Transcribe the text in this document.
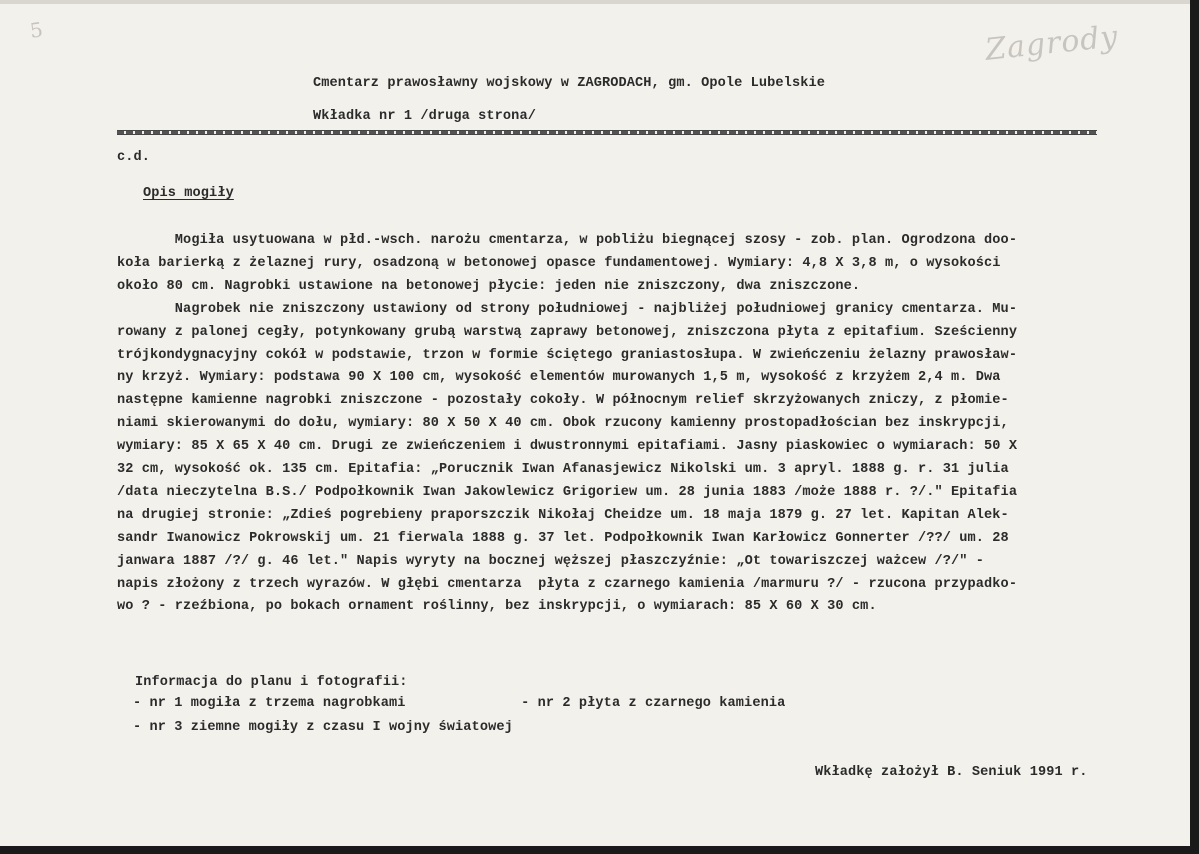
5	Zagrody
Cmentarz prawosławny wojskowy w ZAGRODACH, gm. Opole Lubelskie
Wkładka nr 1 /druga strona/
c.d.
Opis mogiły
Mogiła usytuowana w płd.-wsch. narożu cmentarza, w pobliżu biegnącej szosy - zob. plan. Ogrodzona doo-
koła barierką z żelaznej rury, osadzoną w betonowej opasce fundamentowej. Wymiary: 4,8 X 3,8 m, o wysokości
około 80 cm. Nagrobki ustawione na betonowej płycie: jeden nie zniszczony, dwa zniszczone.
Nagrobek nie zniszczony ustawiony od strony południowej - najbliżej południowej granicy cmentarza. Mu-
rowany z palonej cegły, potynkowany grubą warstwą zaprawy betonowej, zniszczona płyta z epitafium. Sześcienny
trójkondygnacyjny cokół w podstawie, trzon w formie ściętego graniastosłupa. W zwieńczeniu żelazny prawosław-
ny krzyż. Wymiary: podstawa 90 X 100 cm, wysokość elementów murowanych 1,5 m, wysokość z krzyżem 2,4 m. Dwa
następne kamienne nagrobki zniszczone - pozostały cokoły. W północnym relief skrzyżowanych zniczy, z płomie-
niami skierowanymi do dołu, wymiary: 80 X 50 X 40 cm. Obok rzucony kamienny prostopadłościan bez inskrypcji,
wymiary: 85 X 65 X 40 cm. Drugi ze zwieńczeniem i dwustronnymi epitafiami. Jasny piaskowiec o wymiarach: 50 X
32 cm, wysokość ok. 135 cm. Epitafia: „Porucznik Iwan Afanasjewicz Nikolski um. 3 apryl. 1888 g. r. 31 julia
/data nieczytelna B.S./ Podpołkownik Iwan Jakowlewicz Grigoriew um. 28 junia 1883 /może 1888 r. ?/." Epitafia
na drugiej stronie: „Zdieś pogrebieny praporszczik Nikołaj Cheidze um. 18 maja 1879 g. 27 let. Kapitan Alek-
sandr Iwanowicz Pokrowskij um. 21 fierwala 1888 g. 37 let. Podpołkownik Iwan Karłowicz Gonnerter /??/ um. 28
janwara 1887 /?/ g. 46 let." Napis wyryty na bocznej węższej płaszczyźnie: „Ot towariszczej ważcew /?/" -
napis złożony z trzech wyrazów. W głębi cmentarza  płyta z czarnego kamienia /marmuru ?/ - rzucona przypadko-
wo ? - rzeźbiona, po bokach ornament roślinny, bez inskrypcji, o wymiarach: 85 X 60 X 30 cm.
Informacja do planu i fotografii:
- nr 1 mogiła z trzema nagrobkami              - nr 2 płyta z czarnego kamienia
- nr 3 ziemne mogiły z czasu I wojny światowej
Wkładkę założył B. Seniuk 1991 r.
